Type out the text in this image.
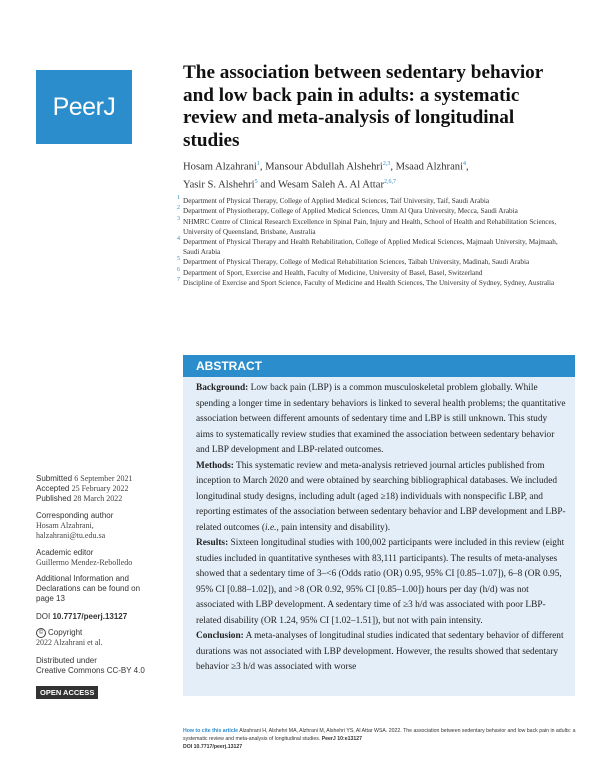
PeerJ
The association between sedentary behavior and low back pain in adults: a systematic review and meta-analysis of longitudinal studies
Hosam Alzahrani$^1$, Mansour Abdullah Alshehri$^{2,3}$, Msaad Alzhrani$^4$,
Yasir S. Alshehri$^5$ and Wesam Saleh A. Al Attar$^{2,6,7}$
1 Department of Physical Therapy, College of Applied Medical Sciences, Taif University, Taif, Saudi Arabia
2 Department of Physiotherapy, College of Applied Medical Sciences, Umm Al Qura University, Mecca, Saudi Arabia
3 NHMRC Centre of Clinical Research Excellence in Spinal Pain, Injury and Health, School of Health and Rehabilitation Sciences, University of Queensland, Brisbane, Australia
4 Department of Physical Therapy and Health Rehabilitation, College of Applied Medical Sciences, Majmaah University, Majmaah, Saudi Arabia
5 Department of Physical Therapy, College of Medical Rehabilitation Sciences, Taibah University, Madinah, Saudi Arabia
6 Department of Sport, Exercise and Health, Faculty of Medicine, University of Basel, Basel, Switzerland
7 Discipline of Exercise and Sport Science, Faculty of Medicine and Health Sciences, The University of Sydney, Sydney, Australia
ABSTRACT

Background: Low back pain (LBP) is a common musculoskeletal problem globally. While spending a longer time in sedentary behaviors is linked to several health problems; the quantitative association between different amounts of sedentary time and LBP is still unknown. This study aims to systematically review studies that examined the association between sedentary behavior and LBP development and LBP-related outcomes.

Methods: This systematic review and meta-analysis retrieved journal articles published from inception to March 2020 and were obtained by searching bibliographical databases. We included longitudinal study designs, including adult (aged ≥18) individuals with nonspecific LBP, and reporting estimates of the association between sedentary behavior and LBP development and LBP-related outcomes (i.e., pain intensity and disability).

Results: Sixteen longitudinal studies with 100,002 participants were included in this review (eight studies included in quantitative syntheses with 83,111 participants). The results of meta-analyses showed that a sedentary time of 3–<6 (Odds ratio (OR) 0.95, 95% CI [0.85–1.07]), 6–8 (OR 0.95, 95% CI [0.88–1.02]), and >8 (OR 0.92, 95% CI [0.85–1.00]) hours per day (h/d) was not associated with LBP development. A sedentary time of ≥3 h/d was associated with poor LBP-related disability (OR 1.24, 95% CI [1.02–1.51]), but not with pain intensity.

Conclusion: A meta-analyses of longitudinal studies indicated that sedentary behavior of different durations was not associated with LBP development. However, the results showed that sedentary behavior ≥3 h/d was associated with worse

Submitted 6 September 2021
Accepted 25 February 2022
Published 28 March 2022
Corresponding author
Hosam Alzahrani,
halzahrani@tu.edu.sa
Academic editor
Guillermo Mendez-Rebolledo
Additional Information and Declarations can be found on page 13
DOI 10.7717/peerj.13127
© Copyright
2022 Alzahrani et al.
Distributed under
Creative Commons CC-BY 4.0
OPEN ACCESS
How to cite this article Alzahrani H, Alshehri MA, Alzhrani M, Alshehri YS, Al Attar WSA. 2022. The association between sedentary behavior and low back pain in adults: a systematic review and meta-analysis of longitudinal studies. PeerJ 10:e13127
DOI 10.7717/peerj.13127
